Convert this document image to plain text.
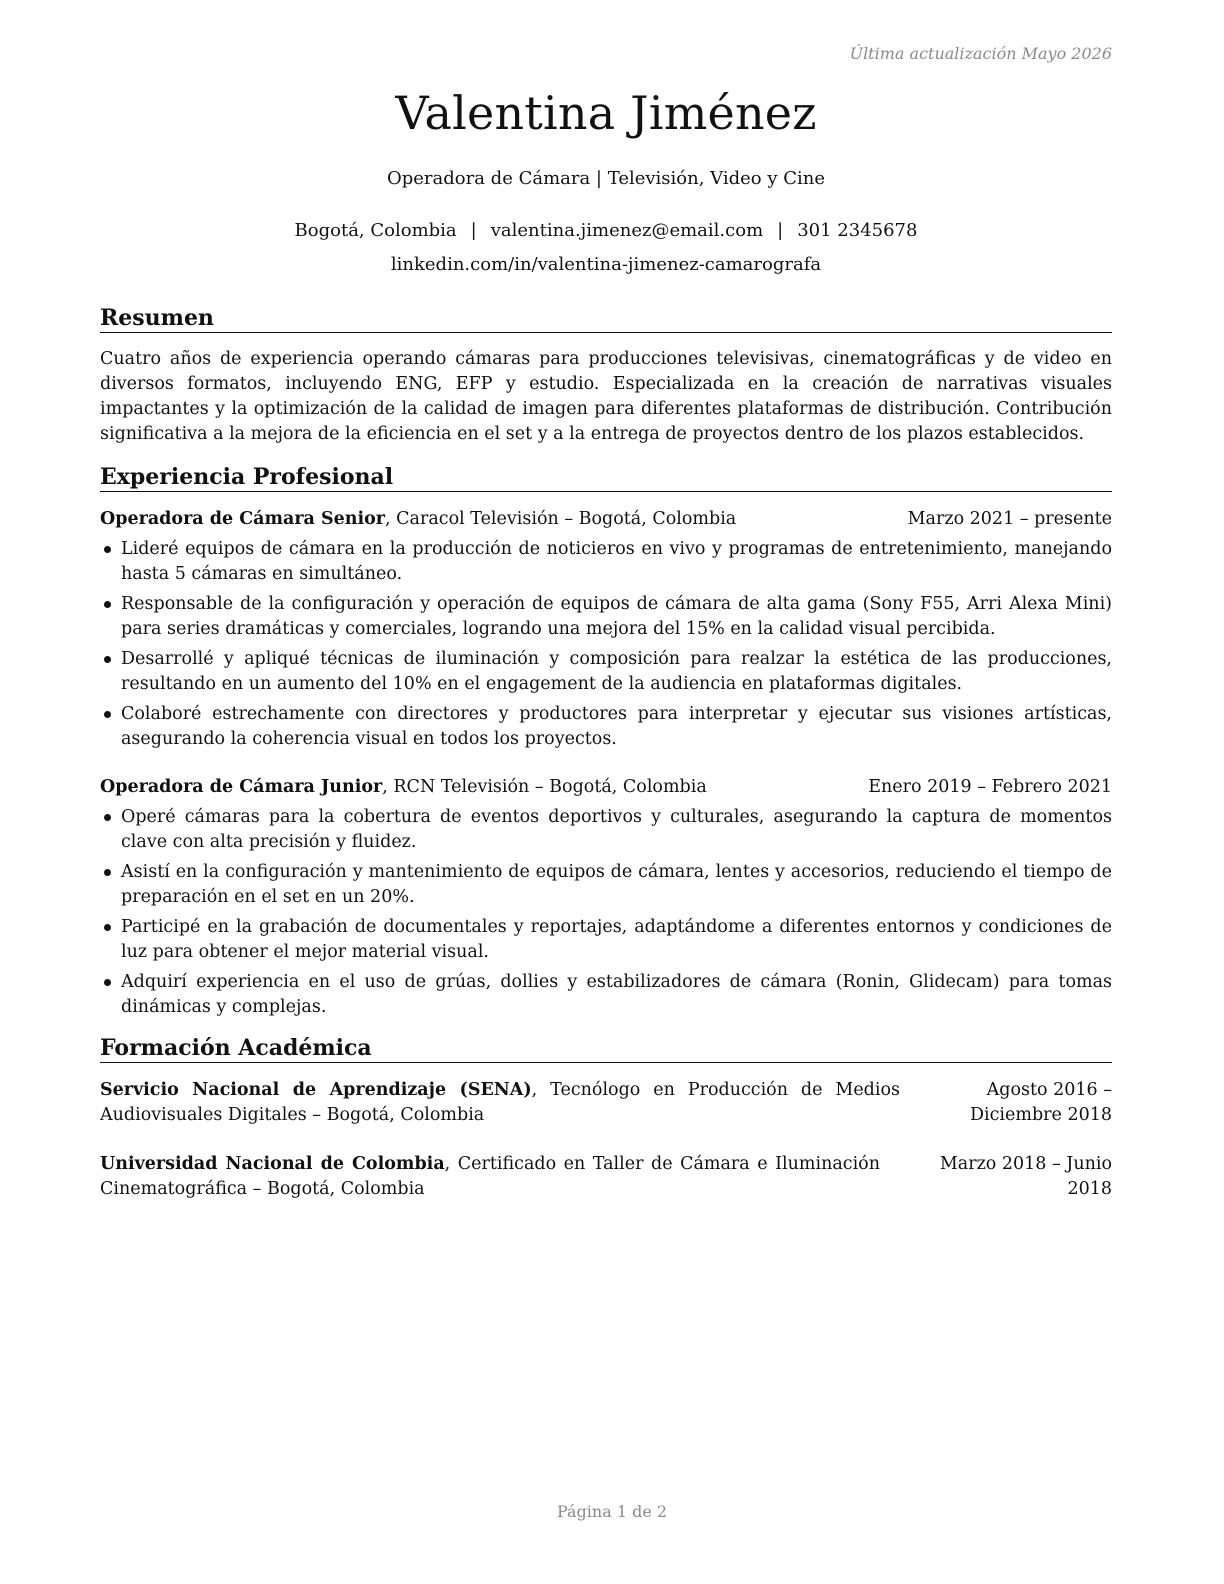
Última actualización Mayo 2026
Valentina Jiménez
Operadora de Cámara | Televisión, Video y Cine
Bogotá, Colombia | valentina.jimenez@email.com | 301 2345678
linkedin.com/in/valentina-jimenez-camarografa
Resumen

Cuatro años de experiencia operando cámaras para producciones televisivas, cinematográficas y de video en diversos formatos, incluyendo ENG, EFP y estudio. Especializada en la creación de narrativas visuales impactantes y la optimización de la calidad de imagen para diferentes plataformas de distribución. Contribución significativa a la mejora de la eficiencia en el set y a la entrega de proyectos dentro de los plazos establecidos.

Experiencia Profesional
Operadora de Cámara Senior, Caracol Televisión – Bogotá, Colombia	Marzo 2021 – presente
Lideré equipos de cámara en la producción de noticieros en vivo y programas de entretenimiento, manejando hasta 5 cámaras en simultáneo.
Responsable de la configuración y operación de equipos de cámara de alta gama (Sony F55, Arri Alexa Mini) para series dramáticas y comerciales, logrando una mejora del 15% en la calidad visual percibida.
Desarrollé y apliqué técnicas de iluminación y composición para realzar la estética de las producciones, resultando en un aumento del 10% en el engagement de la audiencia en plataformas digitales.
Colaboré estrechamente con directores y productores para interpretar y ejecutar sus visiones artísticas, asegurando la coherencia visual en todos los proyectos.
Operadora de Cámara Junior, RCN Televisión – Bogotá, Colombia	Enero 2019 – Febrero 2021
Operé cámaras para la cobertura de eventos deportivos y culturales, asegurando la captura de momentos clave con alta precisión y fluidez.
Asistí en la configuración y mantenimiento de equipos de cámara, lentes y accesorios, reduciendo el tiempo de preparación en el set en un 20%.
Participé en la grabación de documentales y reportajes, adaptándome a diferentes entornos y condiciones de luz para obtener el mejor material visual.
Adquirí experiencia en el uso de grúas, dollies y estabilizadores de cámara (Ronin, Glidecam) para tomas dinámicas y complejas.
Formación Académica
Servicio Nacional de Aprendizaje (SENA), Tecnólogo en Producción de Medios Audiovisuales Digitales – Bogotá, Colombia
Agosto 2016 – Diciembre 2018
Universidad Nacional de Colombia, Certificado en Taller de Cámara e Iluminación Cinematográfica – Bogotá, Colombia
Marzo 2018 – Junio 2018
Página 1 de 2
